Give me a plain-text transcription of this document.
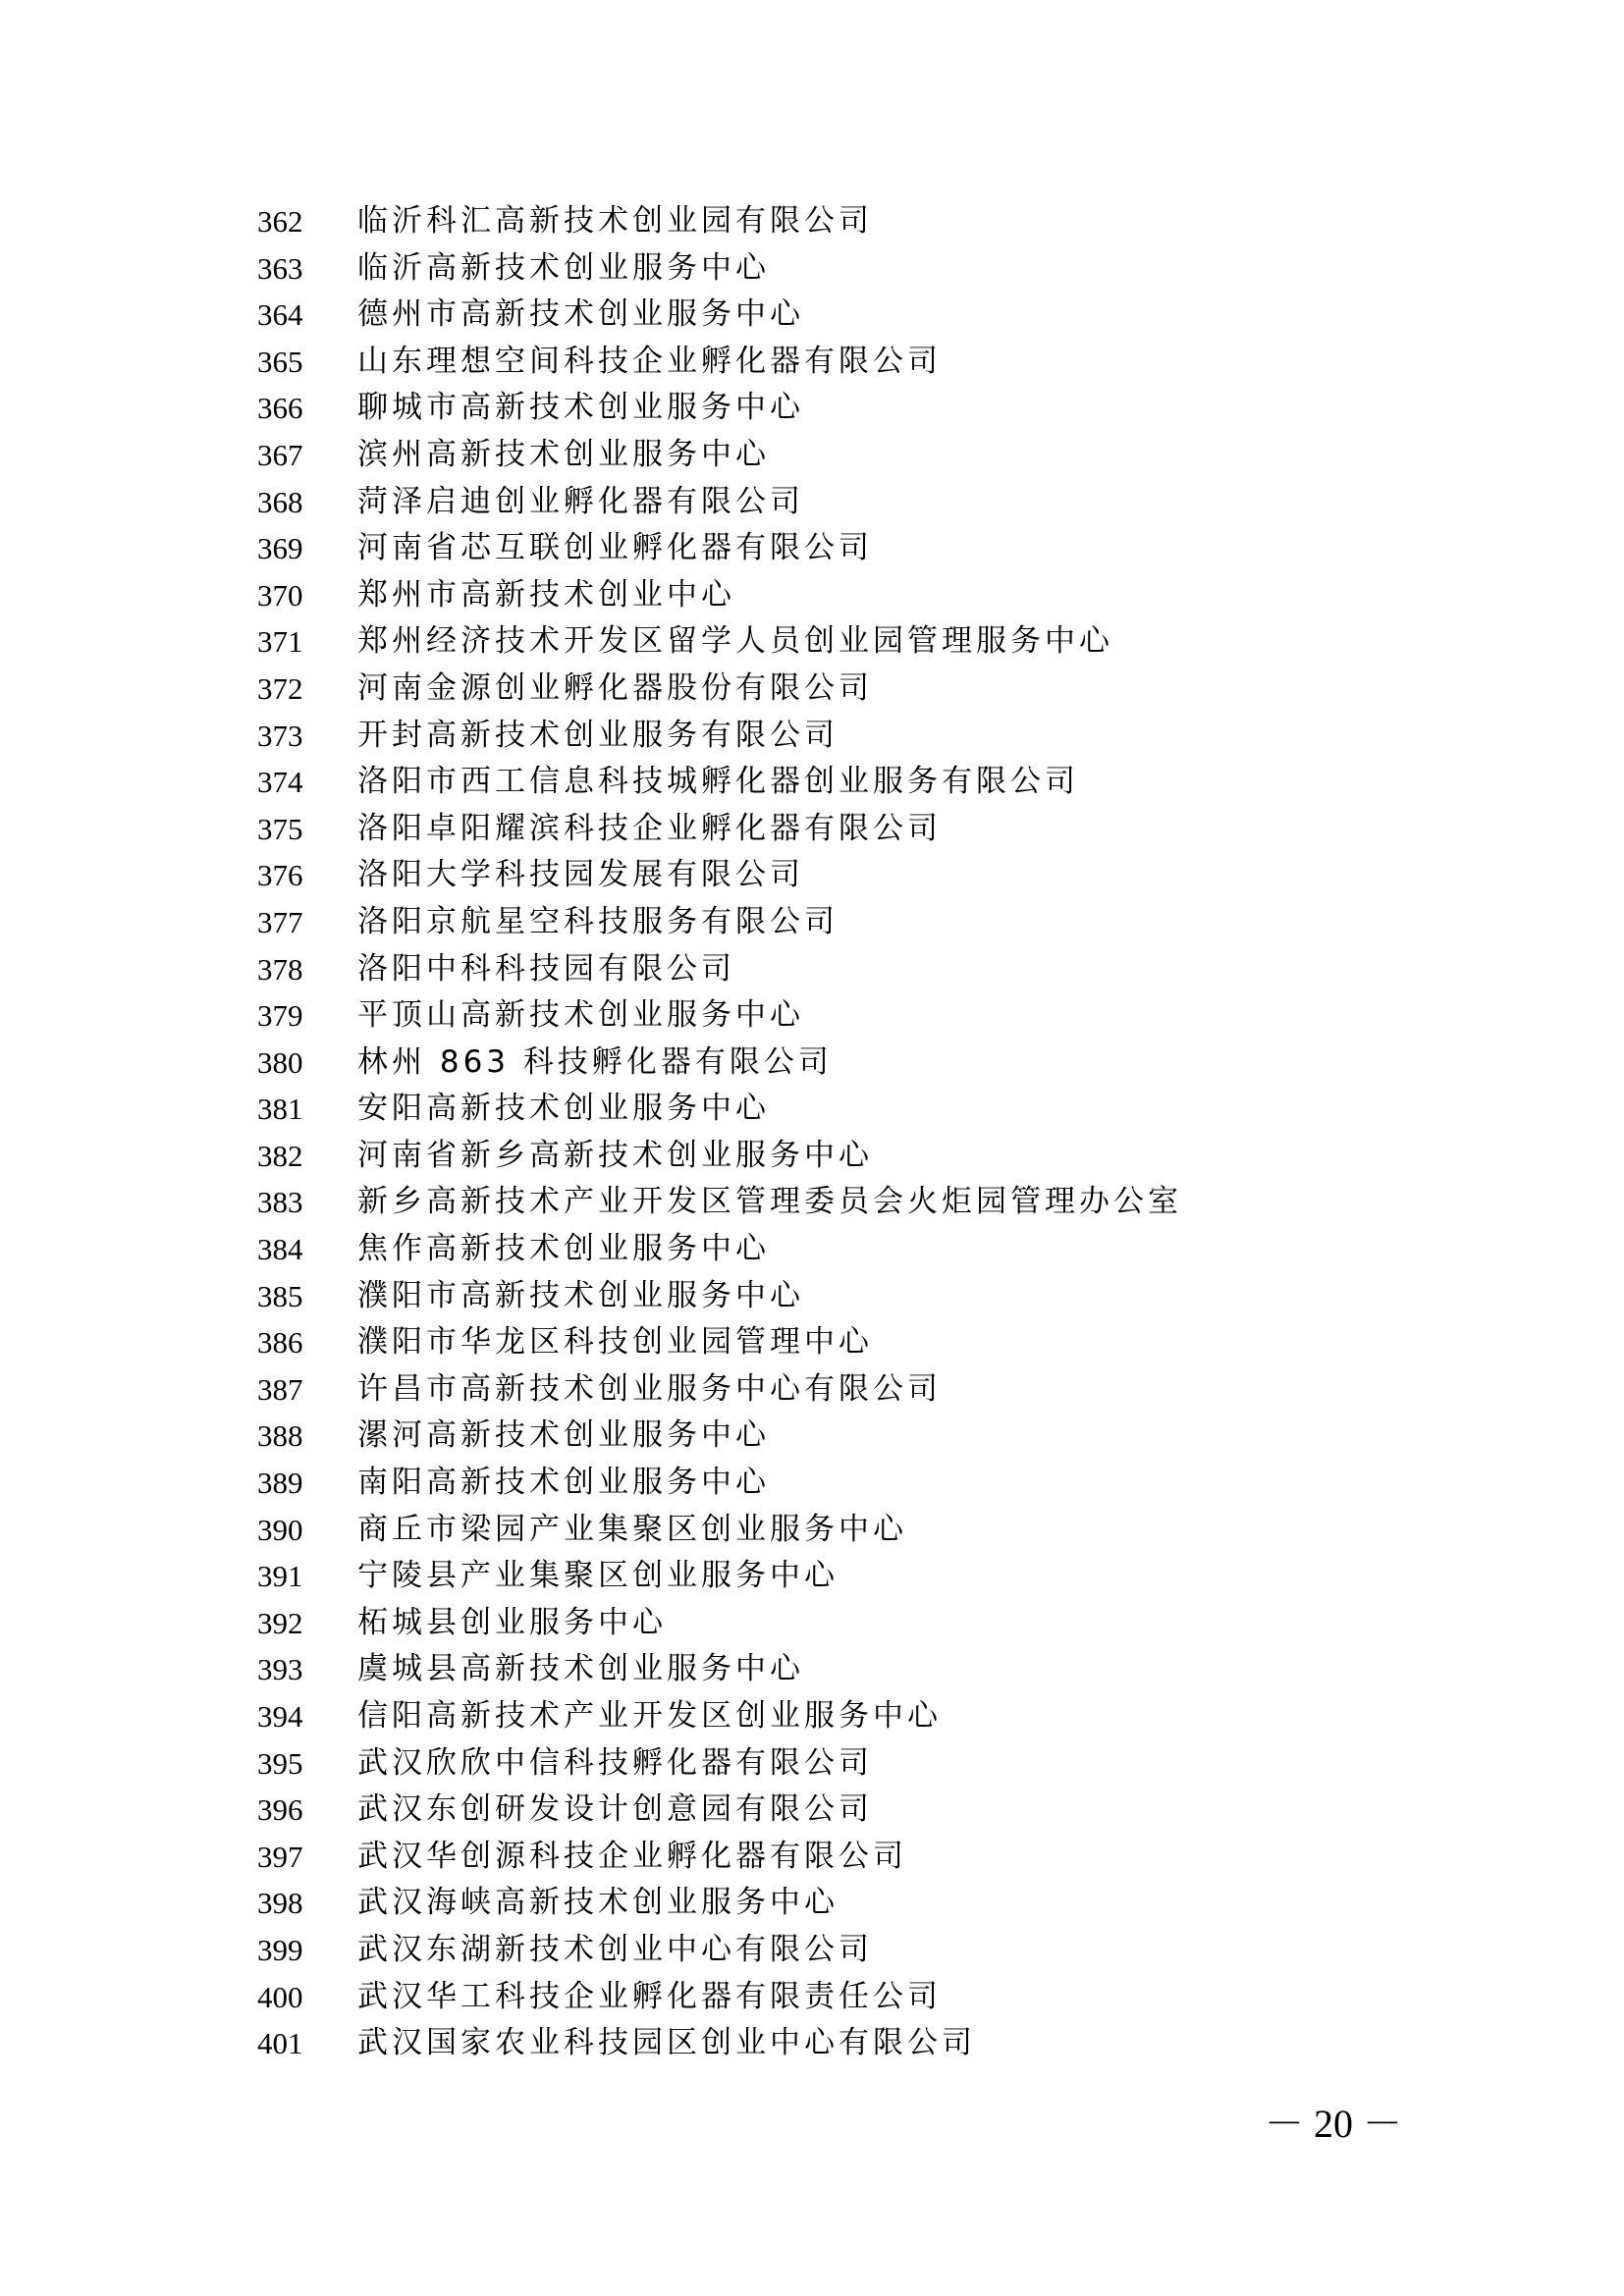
362	临沂科汇高新技术创业园有限公司
363	临沂高新技术创业服务中心
364	德州市高新技术创业服务中心
365	山东理想空间科技企业孵化器有限公司
366	聊城市高新技术创业服务中心
367	滨州高新技术创业服务中心
368	菏泽启迪创业孵化器有限公司
369	河南省芯互联创业孵化器有限公司
370	郑州市高新技术创业中心
371	郑州经济技术开发区留学人员创业园管理服务中心
372	河南金源创业孵化器股份有限公司
373	开封高新技术创业服务有限公司
374	洛阳市西工信息科技城孵化器创业服务有限公司
375	洛阳卓阳耀滨科技企业孵化器有限公司
376	洛阳大学科技园发展有限公司
377	洛阳京航星空科技服务有限公司
378	洛阳中科科技园有限公司
379	平顶山高新技术创业服务中心
380	林州 863 科技孵化器有限公司
381	安阳高新技术创业服务中心
382	河南省新乡高新技术创业服务中心
383	新乡高新技术产业开发区管理委员会火炬园管理办公室
384	焦作高新技术创业服务中心
385	濮阳市高新技术创业服务中心
386	濮阳市华龙区科技创业园管理中心
387	许昌市高新技术创业服务中心有限公司
388	漯河高新技术创业服务中心
389	南阳高新技术创业服务中心
390	商丘市梁园产业集聚区创业服务中心
391	宁陵县产业集聚区创业服务中心
392	柘城县创业服务中心
393	虞城县高新技术创业服务中心
394	信阳高新技术产业开发区创业服务中心
395	武汉欣欣中信科技孵化器有限公司
396	武汉东创研发设计创意园有限公司
397	武汉华创源科技企业孵化器有限公司
398	武汉海峡高新技术创业服务中心
399	武汉东湖新技术创业中心有限公司
400	武汉华工科技企业孵化器有限责任公司
401	武汉国家农业科技园区创业中心有限公司
－ 20 －
